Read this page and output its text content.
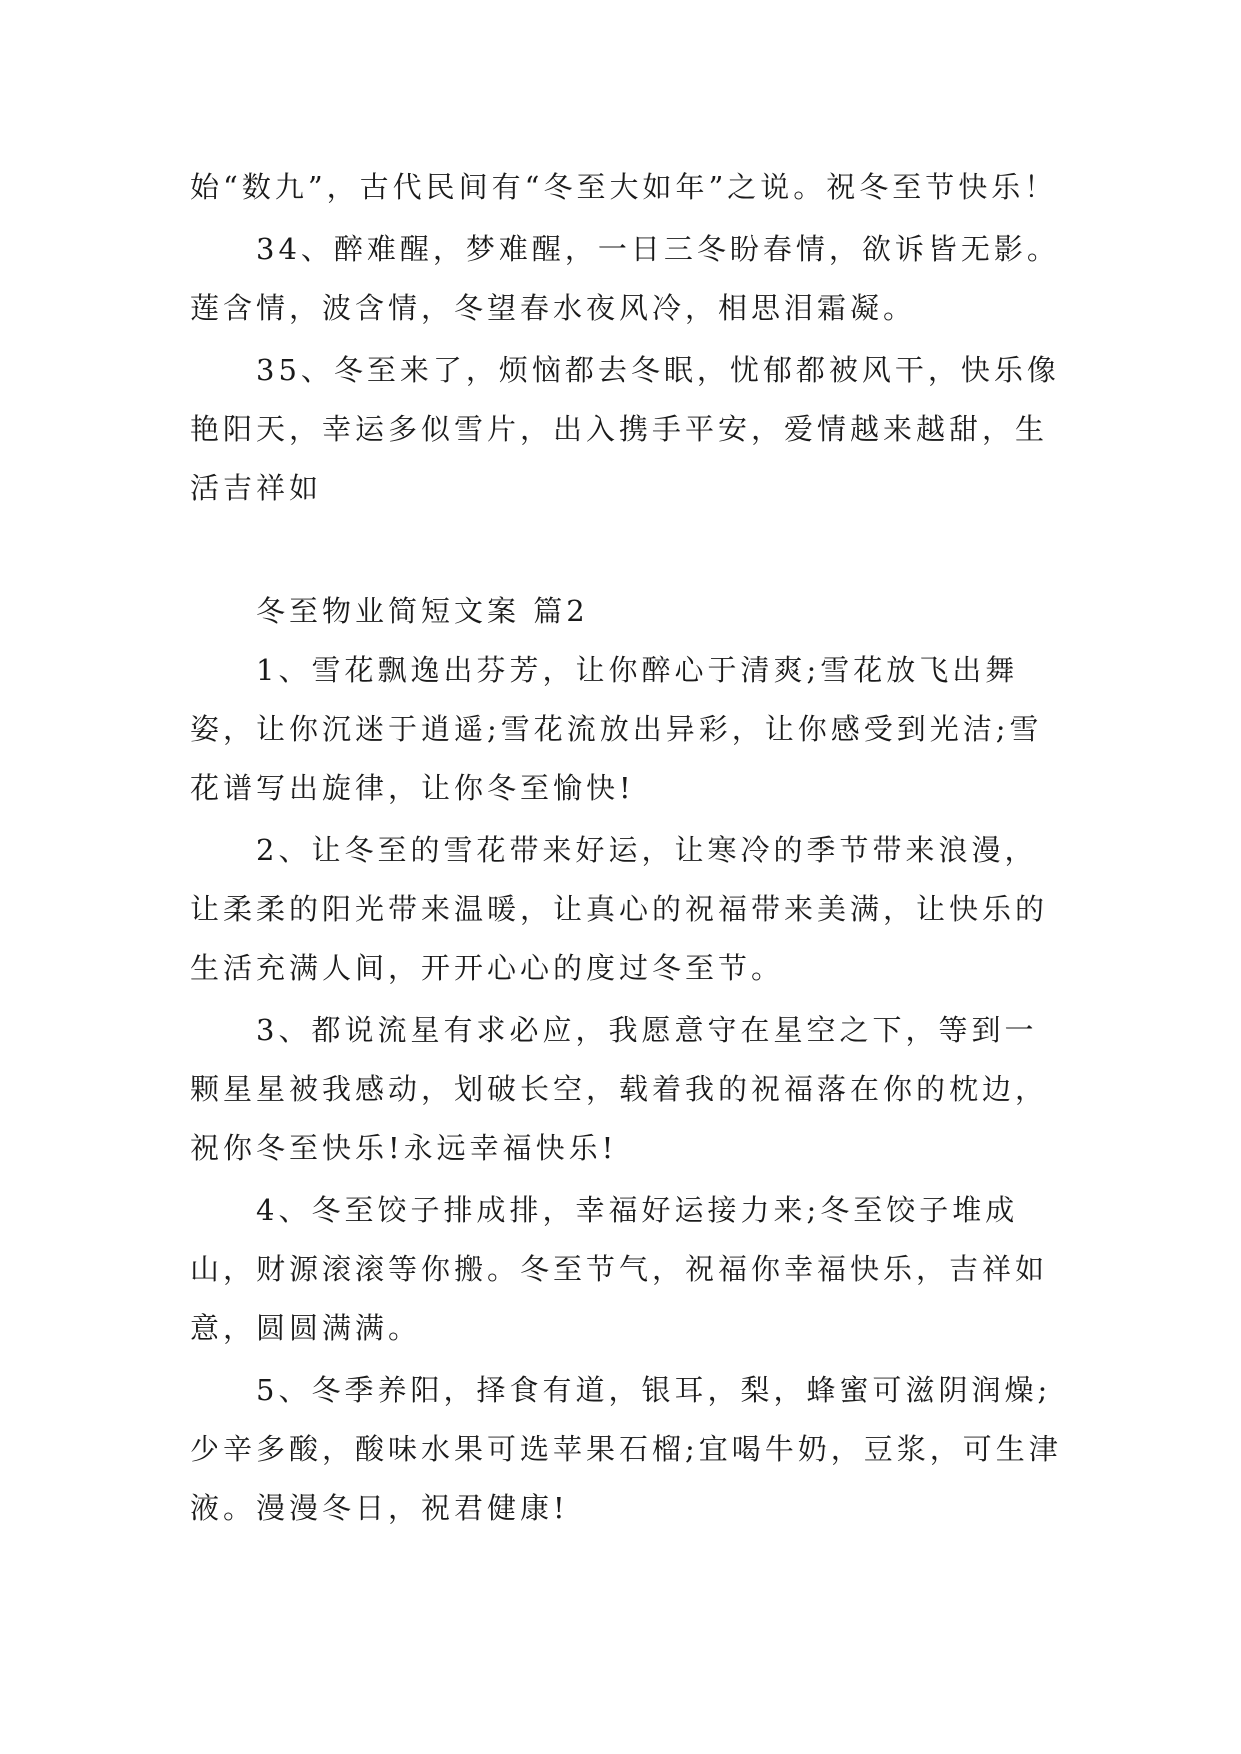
始“数九”，古代民间有“冬至大如年”之说。祝冬至节快乐！

34、醉难醒，梦难醒，一日三冬盼春情，欲诉皆无影。莲含情，波含情，冬望春水夜风冷，相思泪霜凝。

35、冬至来了，烦恼都去冬眠，忧郁都被风干，快乐像艳阳天，幸运多似雪片，出入携手平安，爱情越来越甜，生活吉祥如

冬至物业简短文案 篇2

1、雪花飘逸出芬芳，让你醉心于清爽;雪花放飞出舞姿，让你沉迷于逍遥;雪花流放出异彩，让你感受到光洁;雪花谱写出旋律，让你冬至愉快!

2、让冬至的雪花带来好运，让寒冷的季节带来浪漫，让柔柔的阳光带来温暖，让真心的祝福带来美满，让快乐的生活充满人间，开开心心的度过冬至节。

3、都说流星有求必应，我愿意守在星空之下，等到一颗星星被我感动，划破长空，载着我的祝福落在你的枕边，祝你冬至快乐!永远幸福快乐!

4、冬至饺子排成排，幸福好运接力来;冬至饺子堆成山，财源滚滚等你搬。冬至节气，祝福你幸福快乐，吉祥如意，圆圆满满。

5、冬季养阳，择食有道，银耳，梨，蜂蜜可滋阴润燥;少辛多酸，酸味水果可选苹果石榴;宜喝牛奶，豆浆，可生津液。漫漫冬日，祝君健康!
